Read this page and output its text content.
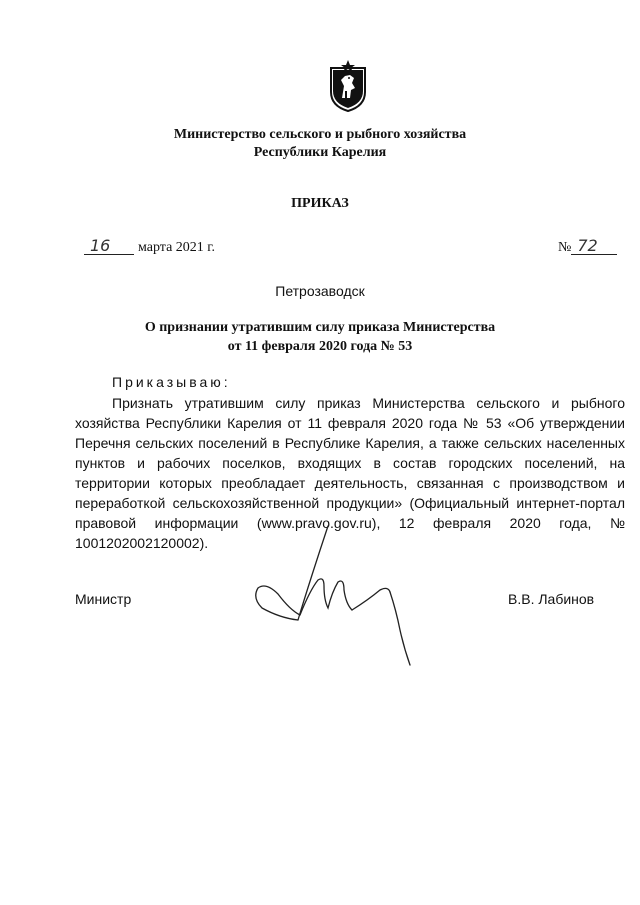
Министерство сельского и рыбного хозяйства
Республики Карелия
ПРИКАЗ
16 марта 2021 г.	№ 72
Петрозаводск
О признании утратившим силу приказа Министерства
от 11 февраля 2020 года № 53
Приказываю:
Признать утратившим силу приказ Министерства сельского и рыбного хозяйства Республики Карелия от 11 февраля 2020 года № 53 «Об утверждении Перечня сельских поселений в Республике Карелия, а также сельских населенных пунктов и рабочих поселков, входящих в состав городских поселений, на территории которых преобладает деятельность, связанная с производством и переработкой сельскохозяйственной продукции» (Официальный интернет-портал правовой информации (www.pravo.gov.ru), 12 февраля 2020 года, № 1001202002120002).
Министр	В.В. Лабинов
